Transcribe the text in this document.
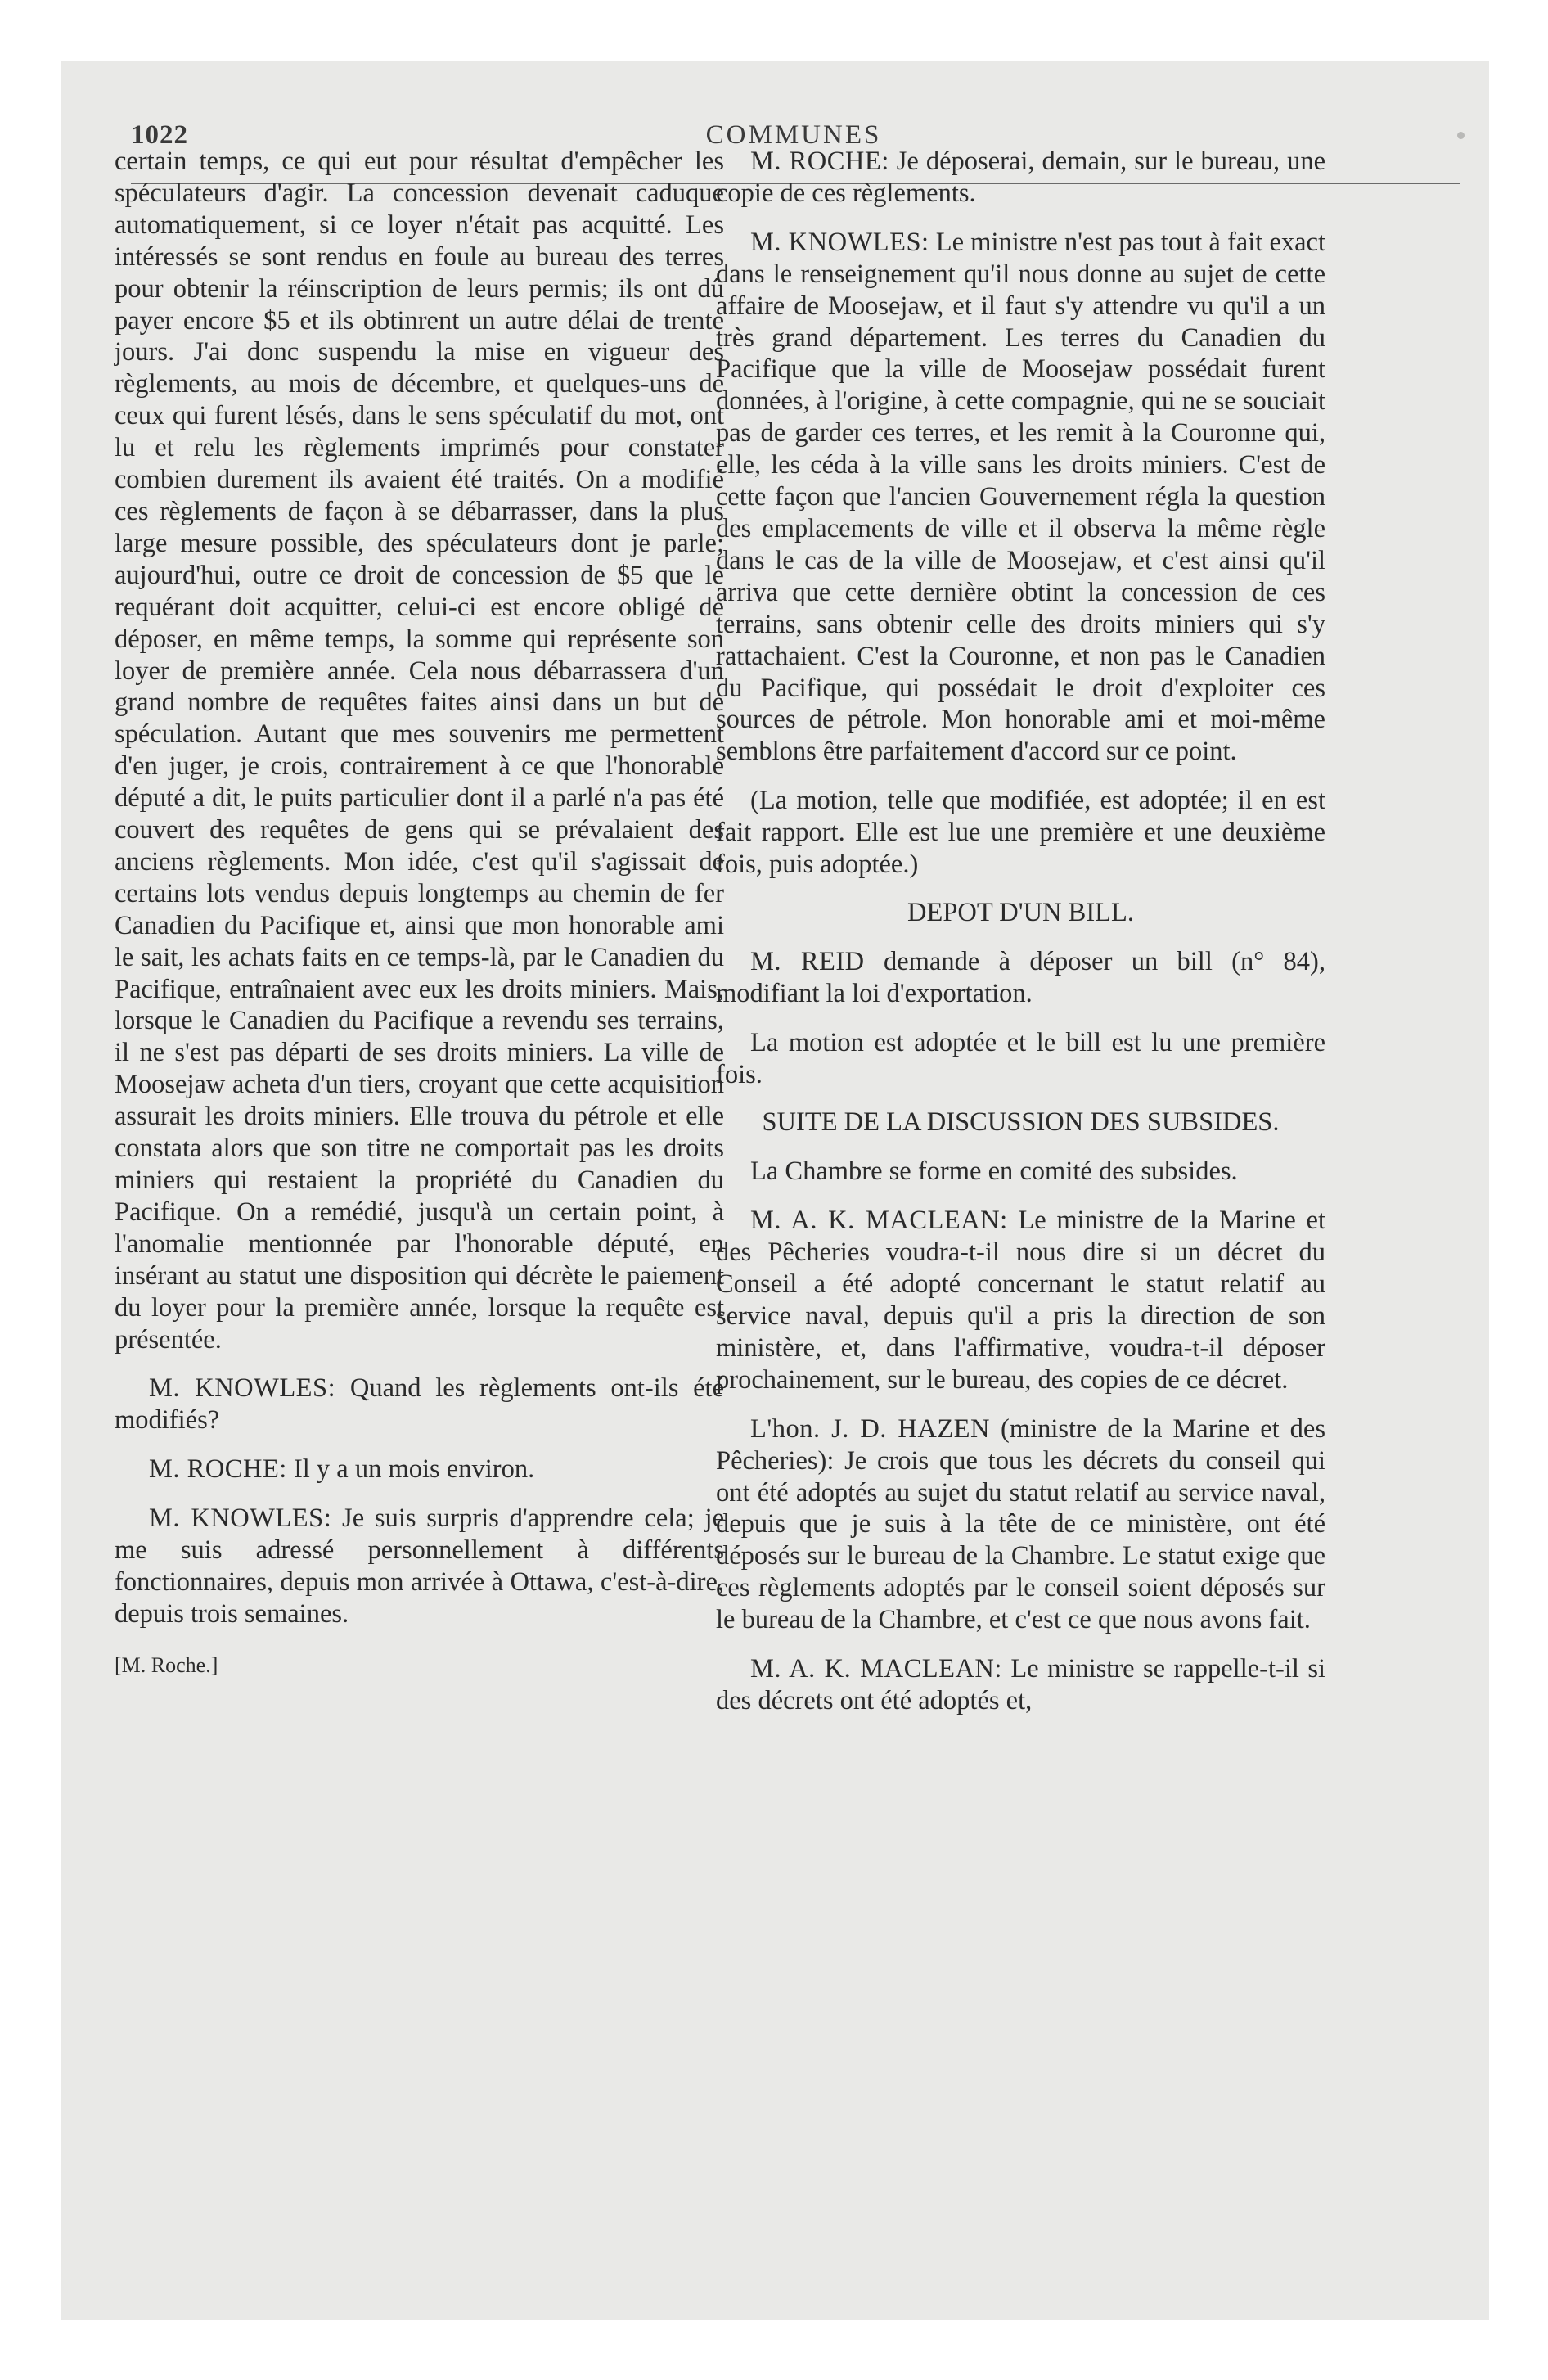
1022	COMMUNES

certain temps, ce qui eut pour résultat d'empêcher les spéculateurs d'agir. La concession devenait caduque automatiquement, si ce loyer n'était pas acquitté. Les intéressés se sont rendus en foule au bureau des terres pour obtenir la réinscription de leurs permis; ils ont dû payer encore $5 et ils obtinrent un autre délai de trente jours. J'ai donc suspendu la mise en vigueur des règlements, au mois de décembre, et quelques-uns de ceux qui furent lésés, dans le sens spéculatif du mot, ont lu et relu les règlements imprimés pour constater combien durement ils avaient été traités. On a modifié ces règlements de façon à se débarrasser, dans la plus large mesure possible, des spéculateurs dont je parle; aujourd'hui, outre ce droit de concession de $5 que le requérant doit acquitter, celui-ci est encore obligé de déposer, en même temps, la somme qui représente son loyer de première année. Cela nous débarrassera d'un grand nombre de requêtes faites ainsi dans un but de spéculation. Autant que mes souvenirs me permettent d'en juger, je crois, contrairement à ce que l'honorable député a dit, le puits particulier dont il a parlé n'a pas été couvert des requêtes de gens qui se prévalaient des anciens règlements. Mon idée, c'est qu'il s'agissait de certains lots vendus depuis longtemps au chemin de fer Canadien du Pacifique et, ainsi que mon honorable ami le sait, les achats faits en ce temps-là, par le Canadien du Pacifique, entraînaient avec eux les droits miniers. Mais, lorsque le Canadien du Pacifique a revendu ses terrains, il ne s'est pas départi de ses droits miniers. La ville de Moosejaw acheta d'un tiers, croyant que cette acquisition assurait les droits miniers. Elle trouva du pétrole et elle constata alors que son titre ne comportait pas les droits miniers qui restaient la propriété du Canadien du Pacifique. On a remédié, jusqu'à un certain point, à l'anomalie mentionnée par l'honorable député, en insérant au statut une disposition qui décrète le paiement du loyer pour la première année, lorsque la requête est présentée.

M. KNOWLES: Quand les règlements ont-ils été modifiés?

M. ROCHE: Il y a un mois environ.

M. KNOWLES: Je suis surpris d'apprendre cela; je me suis adressé personnellement à différents fonctionnaires, depuis mon arrivée à Ottawa, c'est-à-dire, depuis trois semaines.

[M. Roche.]

M. ROCHE: Je déposerai, demain, sur le bureau, une copie de ces règlements.

M. KNOWLES: Le ministre n'est pas tout à fait exact dans le renseignement qu'il nous donne au sujet de cette affaire de Moosejaw, et il faut s'y attendre vu qu'il a un très grand département. Les terres du Canadien du Pacifique que la ville de Moosejaw possédait furent données, à l'origine, à cette compagnie, qui ne se souciait pas de garder ces terres, et les remit à la Couronne qui, elle, les céda à la ville sans les droits miniers. C'est de cette façon que l'ancien Gouvernement régla la question des emplacements de ville et il observa la même règle dans le cas de la ville de Moosejaw, et c'est ainsi qu'il arriva que cette dernière obtint la concession de ces terrains, sans obtenir celle des droits miniers qui s'y rattachaient. C'est la Couronne, et non pas le Canadien du Pacifique, qui possédait le droit d'exploiter ces sources de pétrole. Mon honorable ami et moi-même semblons être parfaitement d'accord sur ce point.

(La motion, telle que modifiée, est adoptée; il en est fait rapport. Elle est lue une première et une deuxième fois, puis adoptée.)

DEPOT D'UN BILL.

M. REID demande à déposer un bill (n° 84), modifiant la loi d'exportation.

La motion est adoptée et le bill est lu une première fois.

SUITE DE LA DISCUSSION DES SUBSIDES.

La Chambre se forme en comité des subsides.

M. A. K. MACLEAN: Le ministre de la Marine et des Pêcheries voudra-t-il nous dire si un décret du Conseil a été adopté concernant le statut relatif au service naval, depuis qu'il a pris la direction de son ministère, et, dans l'affirmative, voudra-t-il déposer prochainement, sur le bureau, des copies de ce décret.

L'hon. J. D. HAZEN (ministre de la Marine et des Pêcheries): Je crois que tous les décrets du conseil qui ont été adoptés au sujet du statut relatif au service naval, depuis que je suis à la tête de ce ministère, ont été déposés sur le bureau de la Chambre. Le statut exige que ces règlements adoptés par le conseil soient déposés sur le bureau de la Chambre, et c'est ce que nous avons fait.

M. A. K. MACLEAN: Le ministre se rappelle-t-il si des décrets ont été adoptés et,
